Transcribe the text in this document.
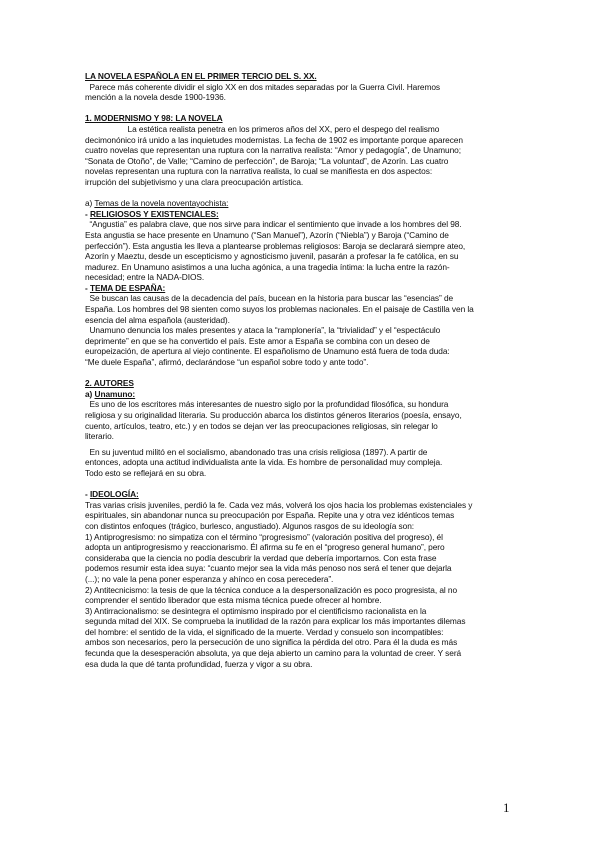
LA NOVELA ESPAÑOLA EN EL PRIMER TERCIO DEL S. XX.
Parece más coherente dividir el siglo XX en dos mitades separadas por la Guerra Civil. Haremos
mención a la novela desde 1900-1936.
1. MODERNISMO Y 98: LA NOVELA
La estética realista penetra en los primeros años del XX, pero el despego del realismo
decimonónico irá unido a las inquietudes modernistas. La fecha de 1902 es importante porque aparecen
cuatro novelas que representan una ruptura con la narrativa realista: “Amor y pedagogía”, de Unamuno;
“Sonata de Otoño”, de Valle; “Camino de perfección”, de Baroja; “La voluntad”, de Azorín. Las cuatro
novelas representan una ruptura con la narrativa realista, lo cual se manifiesta en dos aspectos:
irrupción del subjetivismo y una clara preocupación artística.
a) Temas de la novela noventayochista:
- RELIGIOSOS Y EXISTENCIALES:
“Angustia” es palabra clave, que nos sirve para indicar el sentimiento que invade a los hombres del 98.
Esta angustia se hace presente en Unamuno (“San Manuel”), Azorín (“Niebla”) y Baroja (“Camino de
perfección”). Esta angustia les lleva a plantearse problemas religiosos: Baroja se declarará siempre ateo,
Azorín y Maeztu, desde un escepticismo y agnosticismo juvenil, pasarán a profesar la fe católica, en su
madurez. En Unamuno asistimos a una lucha agónica, a una tragedia íntima: la lucha entre la razón-
necesidad; entre la NADA-DIOS.
- TEMA DE ESPAÑA:
Se buscan las causas de la decadencia del país, bucean en la historia para buscar las “esencias” de
España. Los hombres del 98 sienten como suyos los problemas nacionales. En el paisaje de Castilla ven la
esencia del alma española (austeridad).
Unamuno denuncia los males presentes y ataca la “ramplonería”, la “trivialidad” y el “espectáculo
deprimente” en que se ha convertido el país. Este amor a España se combina con un deseo de
europeización, de apertura al viejo continente. El españolismo de Unamuno está fuera de toda duda:
“Me duele España”, afirmó, declarándose “un español sobre todo y ante todo”.
2. AUTORES
a) Unamuno:
Es uno de los escritores más interesantes de nuestro siglo por la profundidad filosófica, su hondura
religiosa y su originalidad literaria. Su producción abarca los distintos géneros literarios (poesía, ensayo,
cuento, artículos, teatro, etc.) y en todos se dejan ver las preocupaciones religiosas, sin relegar lo
literario.
En su juventud militó en el socialismo, abandonado tras una crisis religiosa (1897). A partir de
entonces, adopta una actitud individualista ante la vida. Es hombre de personalidad muy compleja.
Todo esto se reflejará en su obra.
- IDEOLOGÍA:
Tras varias crisis juveniles, perdió la fe. Cada vez más, volverá los ojos hacia los problemas existenciales y
espirituales, sin abandonar nunca su preocupación por España. Repite una y otra vez idénticos temas
con distintos enfoques (trágico, burlesco, angustiado). Algunos rasgos de su ideología son:
1) Antiprogresismo: no simpatiza con el término “progresismo” (valoración positiva del progreso), él
adopta un antiprogresismo y reaccionarismo. Él afirma su fe en el “progreso general humano”, pero
consideraba que la ciencia no podía descubrir la verdad que debería importarnos. Con esta frase
podemos resumir esta idea suya: “cuanto mejor sea la vida más penoso nos será el tener que dejarla
(...); no vale la pena poner esperanza y ahínco en cosa perecedera”.
2) Antitecnicismo: la tesis de que la técnica conduce a la despersonalización es poco progresista, al no
comprender el sentido liberador que esta misma técnica puede ofrecer al hombre.
3) Antirracionalismo: se desintegra el optimismo inspirado por el cientificismo racionalista en la
segunda mitad del XIX. Se comprueba la inutilidad de la razón para explicar los más importantes dilemas
del hombre: el sentido de la vida, el significado de la muerte. Verdad y consuelo son incompatibles:
ambos son necesarios, pero la persecución de uno significa la pérdida del otro. Para él la duda es más
fecunda que la desesperación absoluta, ya que deja abierto un camino para la voluntad de creer. Y será
esa duda la que dé tanta profundidad, fuerza y vigor a su obra.
1
